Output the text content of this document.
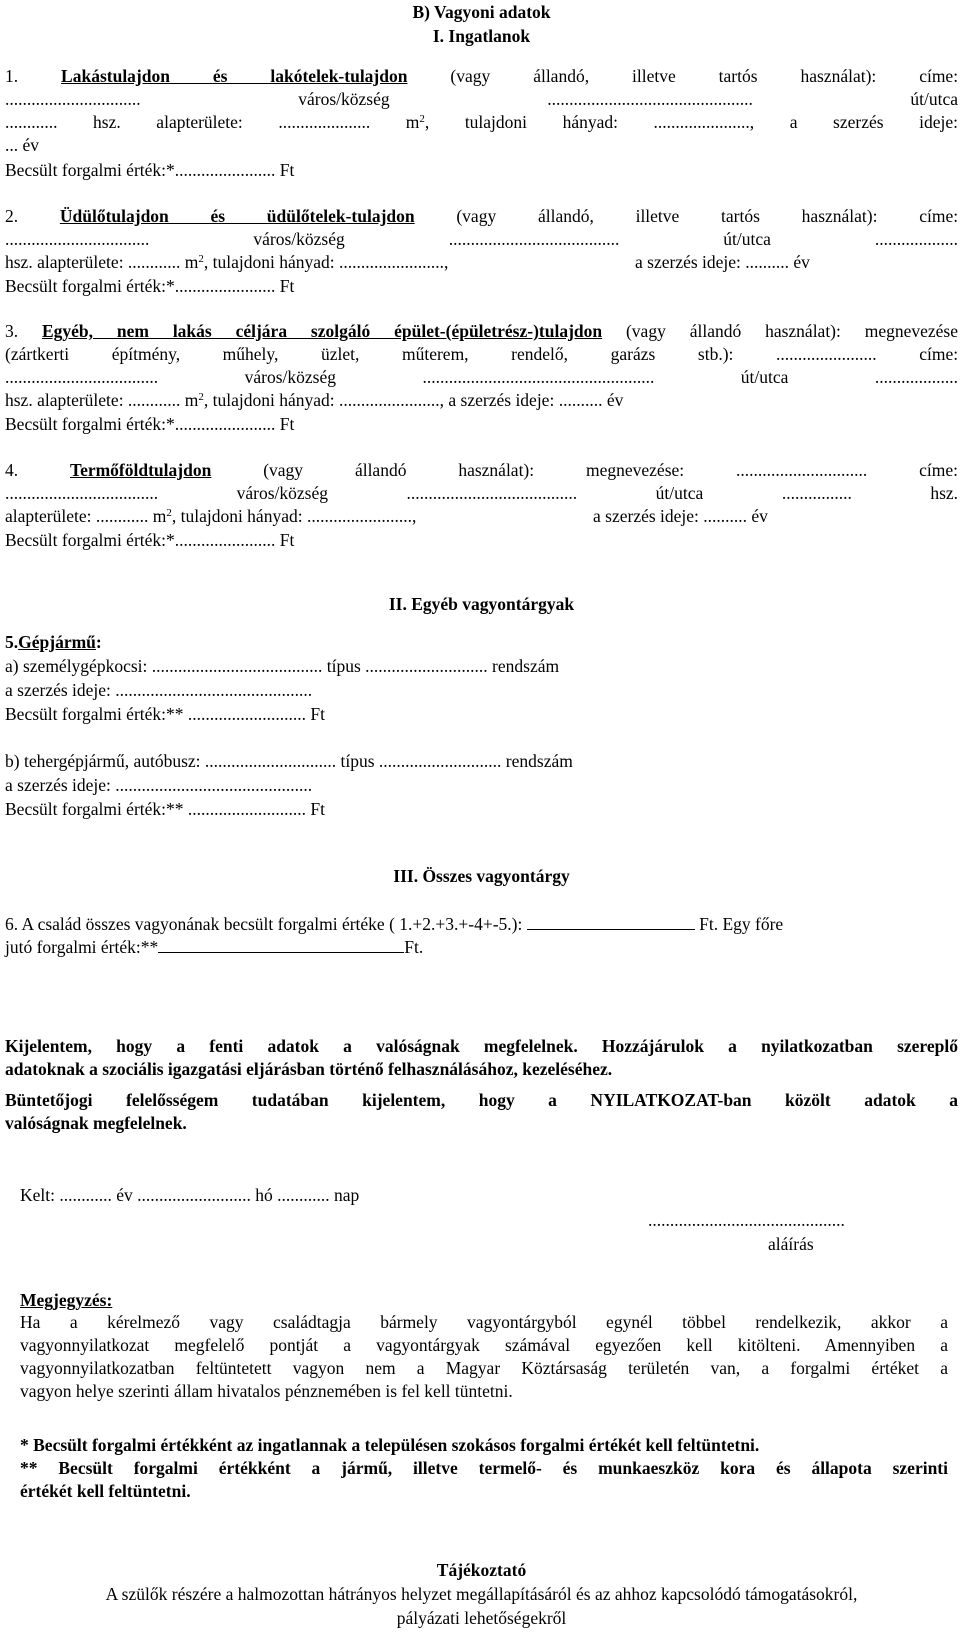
B) Vagyoni adatok
I. Ingatlanok
1. Lakástulajdon és lakótelek-tulajdon (vagy állandó, illetve tartós használat): címe:
...............................	város/község	...............................................	út/utca
............ hsz. alapterülete: ..................... $m^2$, tulajdoni hányad: ......................, a szerzés ideje:
... év
Becsült forgalmi érték:*....................... Ft
2. Üdülőtulajdon és üdülőtelek-tulajdon (vagy állandó, illetve tartós használat): címe:
.................................	város/község	.......................................	út/utca	...................
hsz. alapterülete: ............ $m^2$, tulajdoni hányad: ........................,	a szerzés ideje: .......... év
Becsült forgalmi érték:*....................... Ft
3. Egyéb, nem lakás céljára szolgáló épület-(épületrész-)tulajdon (vagy állandó használat): megnevezése
(zártkerti építmény, műhely, üzlet, műterem, rendelő, garázs stb.): ....................... címe:
...................................	város/község	.....................................................	út/utca	...................
hsz. alapterülete: ............ $m^2$, tulajdoni hányad: ......................., a szerzés ideje: .......... év
Becsült forgalmi érték:*....................... Ft
4.	Termőföldtulajdon	(vagy	állandó	használat):	megnevezése:	..............................	címe:
...................................	város/község	.......................................	út/utca	................	hsz.
alapterülete: ............ $m^2$, tulajdoni hányad: ........................,	a szerzés ideje: .......... év
Becsült forgalmi érték:*....................... Ft
II. Egyéb vagyontárgyak
5.Gépjármű:
a) személygépkocsi: ....................................... típus ............................ rendszám
a szerzés ideje: .............................................
Becsült forgalmi érték:** ........................... Ft
b) tehergépjármű, autóbusz: .............................. típus ............................ rendszám
a szerzés ideje: .............................................
Becsült forgalmi érték:** ........................... Ft
III. Összes vagyontárgy
6. A család összes vagyonának becsült forgalmi értéke ( 1.+2.+3.+-4+-5.):	Ft. Egy főre
jutó forgalmi érték:**	Ft.
Kijelentem, hogy a fenti adatok a valóságnak megfelelnek. Hozzájárulok a nyilatkozatban szereplő
adatoknak a szociális igazgatási eljárásban történő felhasználásához, kezeléséhez.
Büntetőjogi felelősségem tudatában kijelentem, hogy a NYILATKOZAT-ban közölt adatok a
valóságnak megfelelnek.
Kelt: ............ év .......................... hó ............ nap
.............................................
aláírás
Megjegyzés:
Ha a kérelmező vagy családtagja bármely vagyontárgyból egynél többel rendelkezik, akkor a
vagyonnyilatkozat megfelelő pontját a vagyontárgyak számával egyezően kell kitölteni. Amennyiben a
vagyonnyilatkozatban feltüntetett vagyon nem a Magyar Köztársaság területén van, a forgalmi értéket a
vagyon helye szerinti állam hivatalos pénznemében is fel kell tüntetni.
* Becsült forgalmi értékként az ingatlannak a településen szokásos forgalmi értékét kell feltüntetni.
** Becsült forgalmi értékként a jármű, illetve termelő- és munkaeszköz kora és állapota szerinti
értékét kell feltüntetni.
Tájékoztató
A szülők részére a halmozottan hátrányos helyzet megállapításáról és az ahhoz kapcsolódó támogatásokról,
pályázati lehetőségekről
